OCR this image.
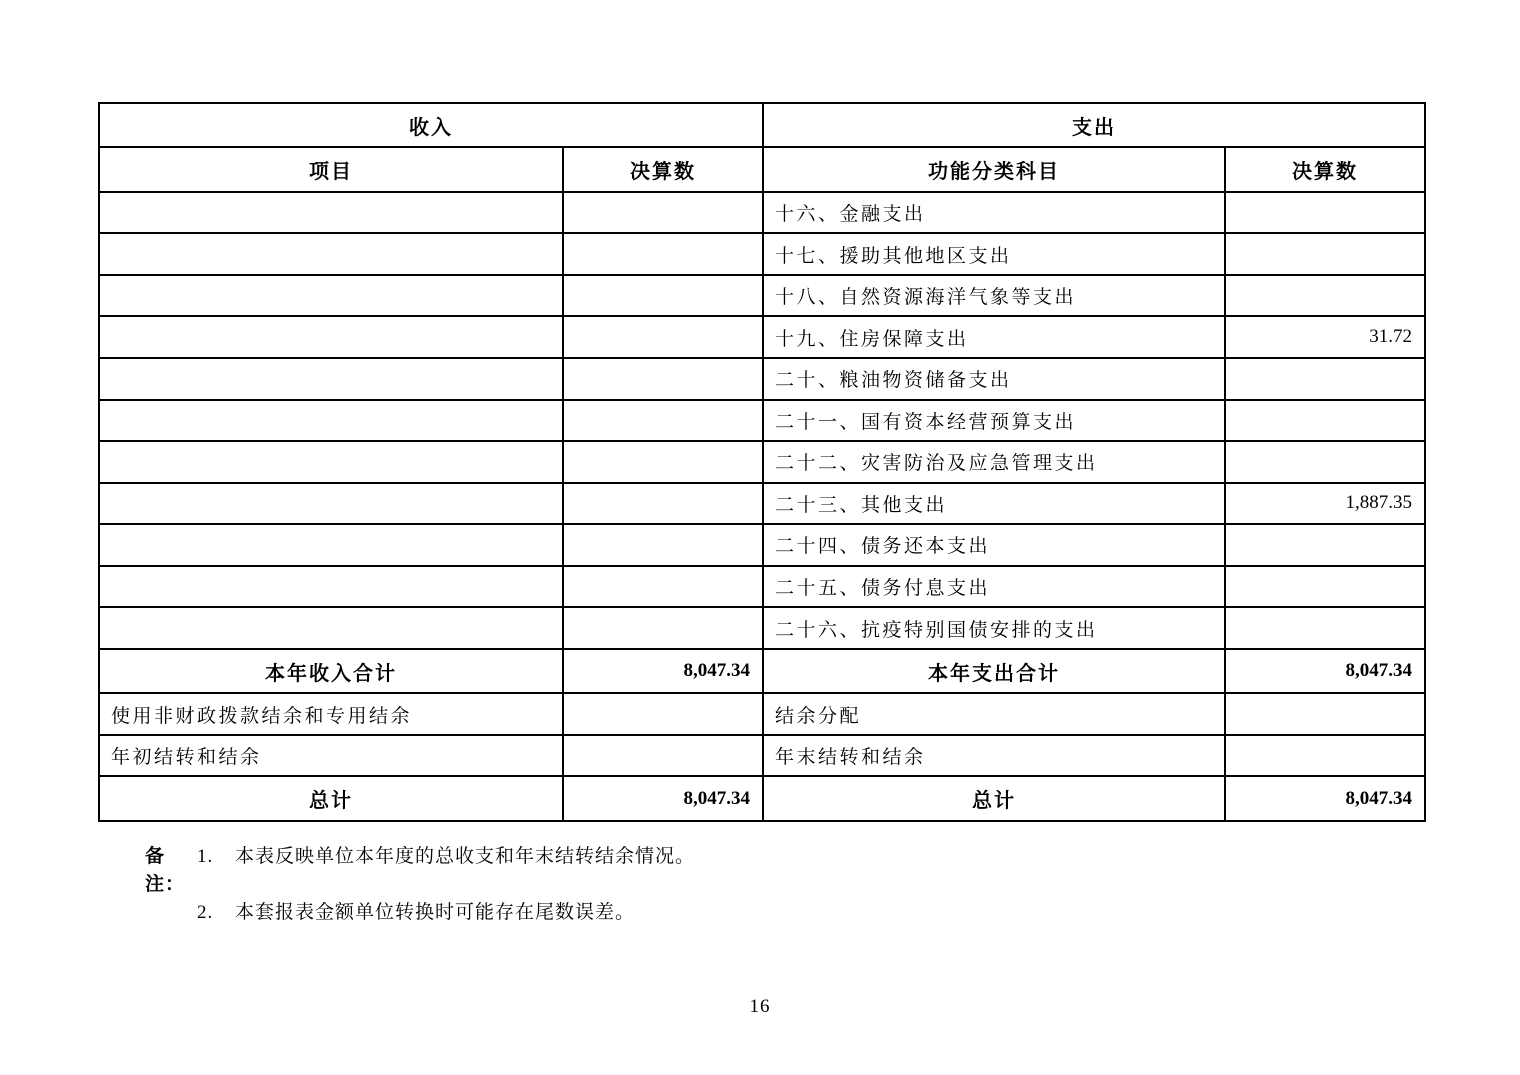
收入		支出	
项目	决算数	功能分类科目	决算数
		十六、金融支出	
		十七、援助其他地区支出	
		十八、自然资源海洋气象等支出	
		十九、住房保障支出	31.72
		二十、粮油物资储备支出	
		二十一、国有资本经营预算支出	
		二十二、灾害防治及应急管理支出	
		二十三、其他支出	1,887.35
		二十四、债务还本支出	
		二十五、债务付息支出	
		二十六、抗疫特别国债安排的支出	
本年收入合计	8,047.34	本年支出合计	8,047.34
使用非财政拨款结余和专用结余		结余分配	
年初结转和结余		年末结转和结余	
总计	8,047.34	总计	8,047.34
备注：
1.	本表反映单位本年度的总收支和年末结转结余情况。
2.	本套报表金额单位转换时可能存在尾数误差。
16
